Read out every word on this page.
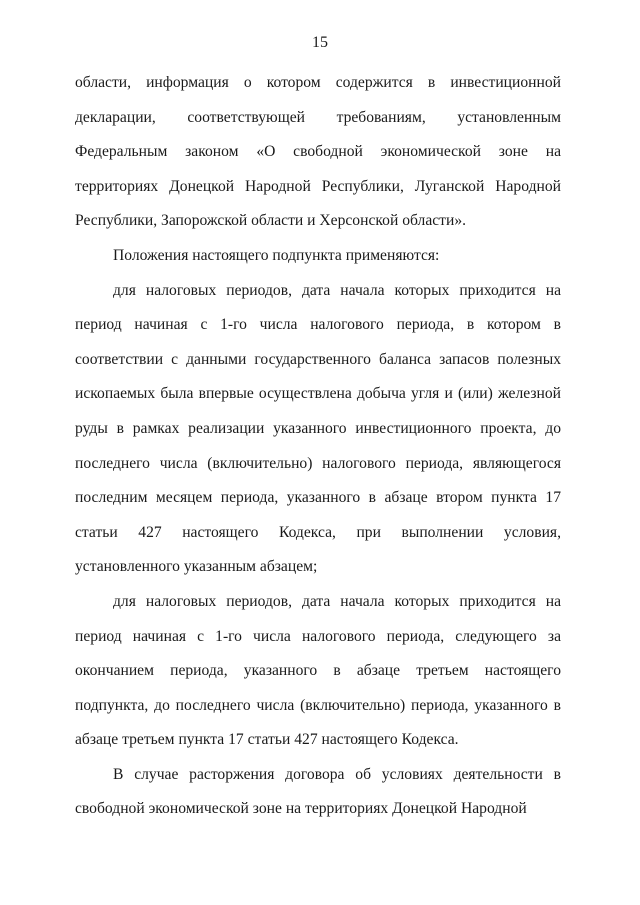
15

области, информация о котором содержится в инвестиционной декларации, соответствующей требованиям, установленным Федеральным законом «О свободной экономической зоне на территориях Донецкой Народной Республики, Луганской Народной Республики, Запорожской области и Херсонской области».

Положения настоящего подпункта применяются:

для налоговых периодов, дата начала которых приходится на период начиная с 1-го числа налогового периода, в котором в соответствии с данными государственного баланса запасов полезных ископаемых была впервые осуществлена добыча угля и (или) железной руды в рамках реализации указанного инвестиционного проекта, до последнего числа (включительно) налогового периода, являющегося последним месяцем периода, указанного в абзаце втором пункта 17 статьи 427 настоящего Кодекса, при выполнении условия, установленного указанным абзацем;

для налоговых периодов, дата начала которых приходится на период начиная с 1-го числа налогового периода, следующего за окончанием периода, указанного в абзаце третьем настоящего подпункта, до последнего числа (включительно) периода, указанного в абзаце третьем пункта 17 статьи 427 настоящего Кодекса.

В случае расторжения договора об условиях деятельности в свободной экономической зоне на территориях Донецкой Народной
